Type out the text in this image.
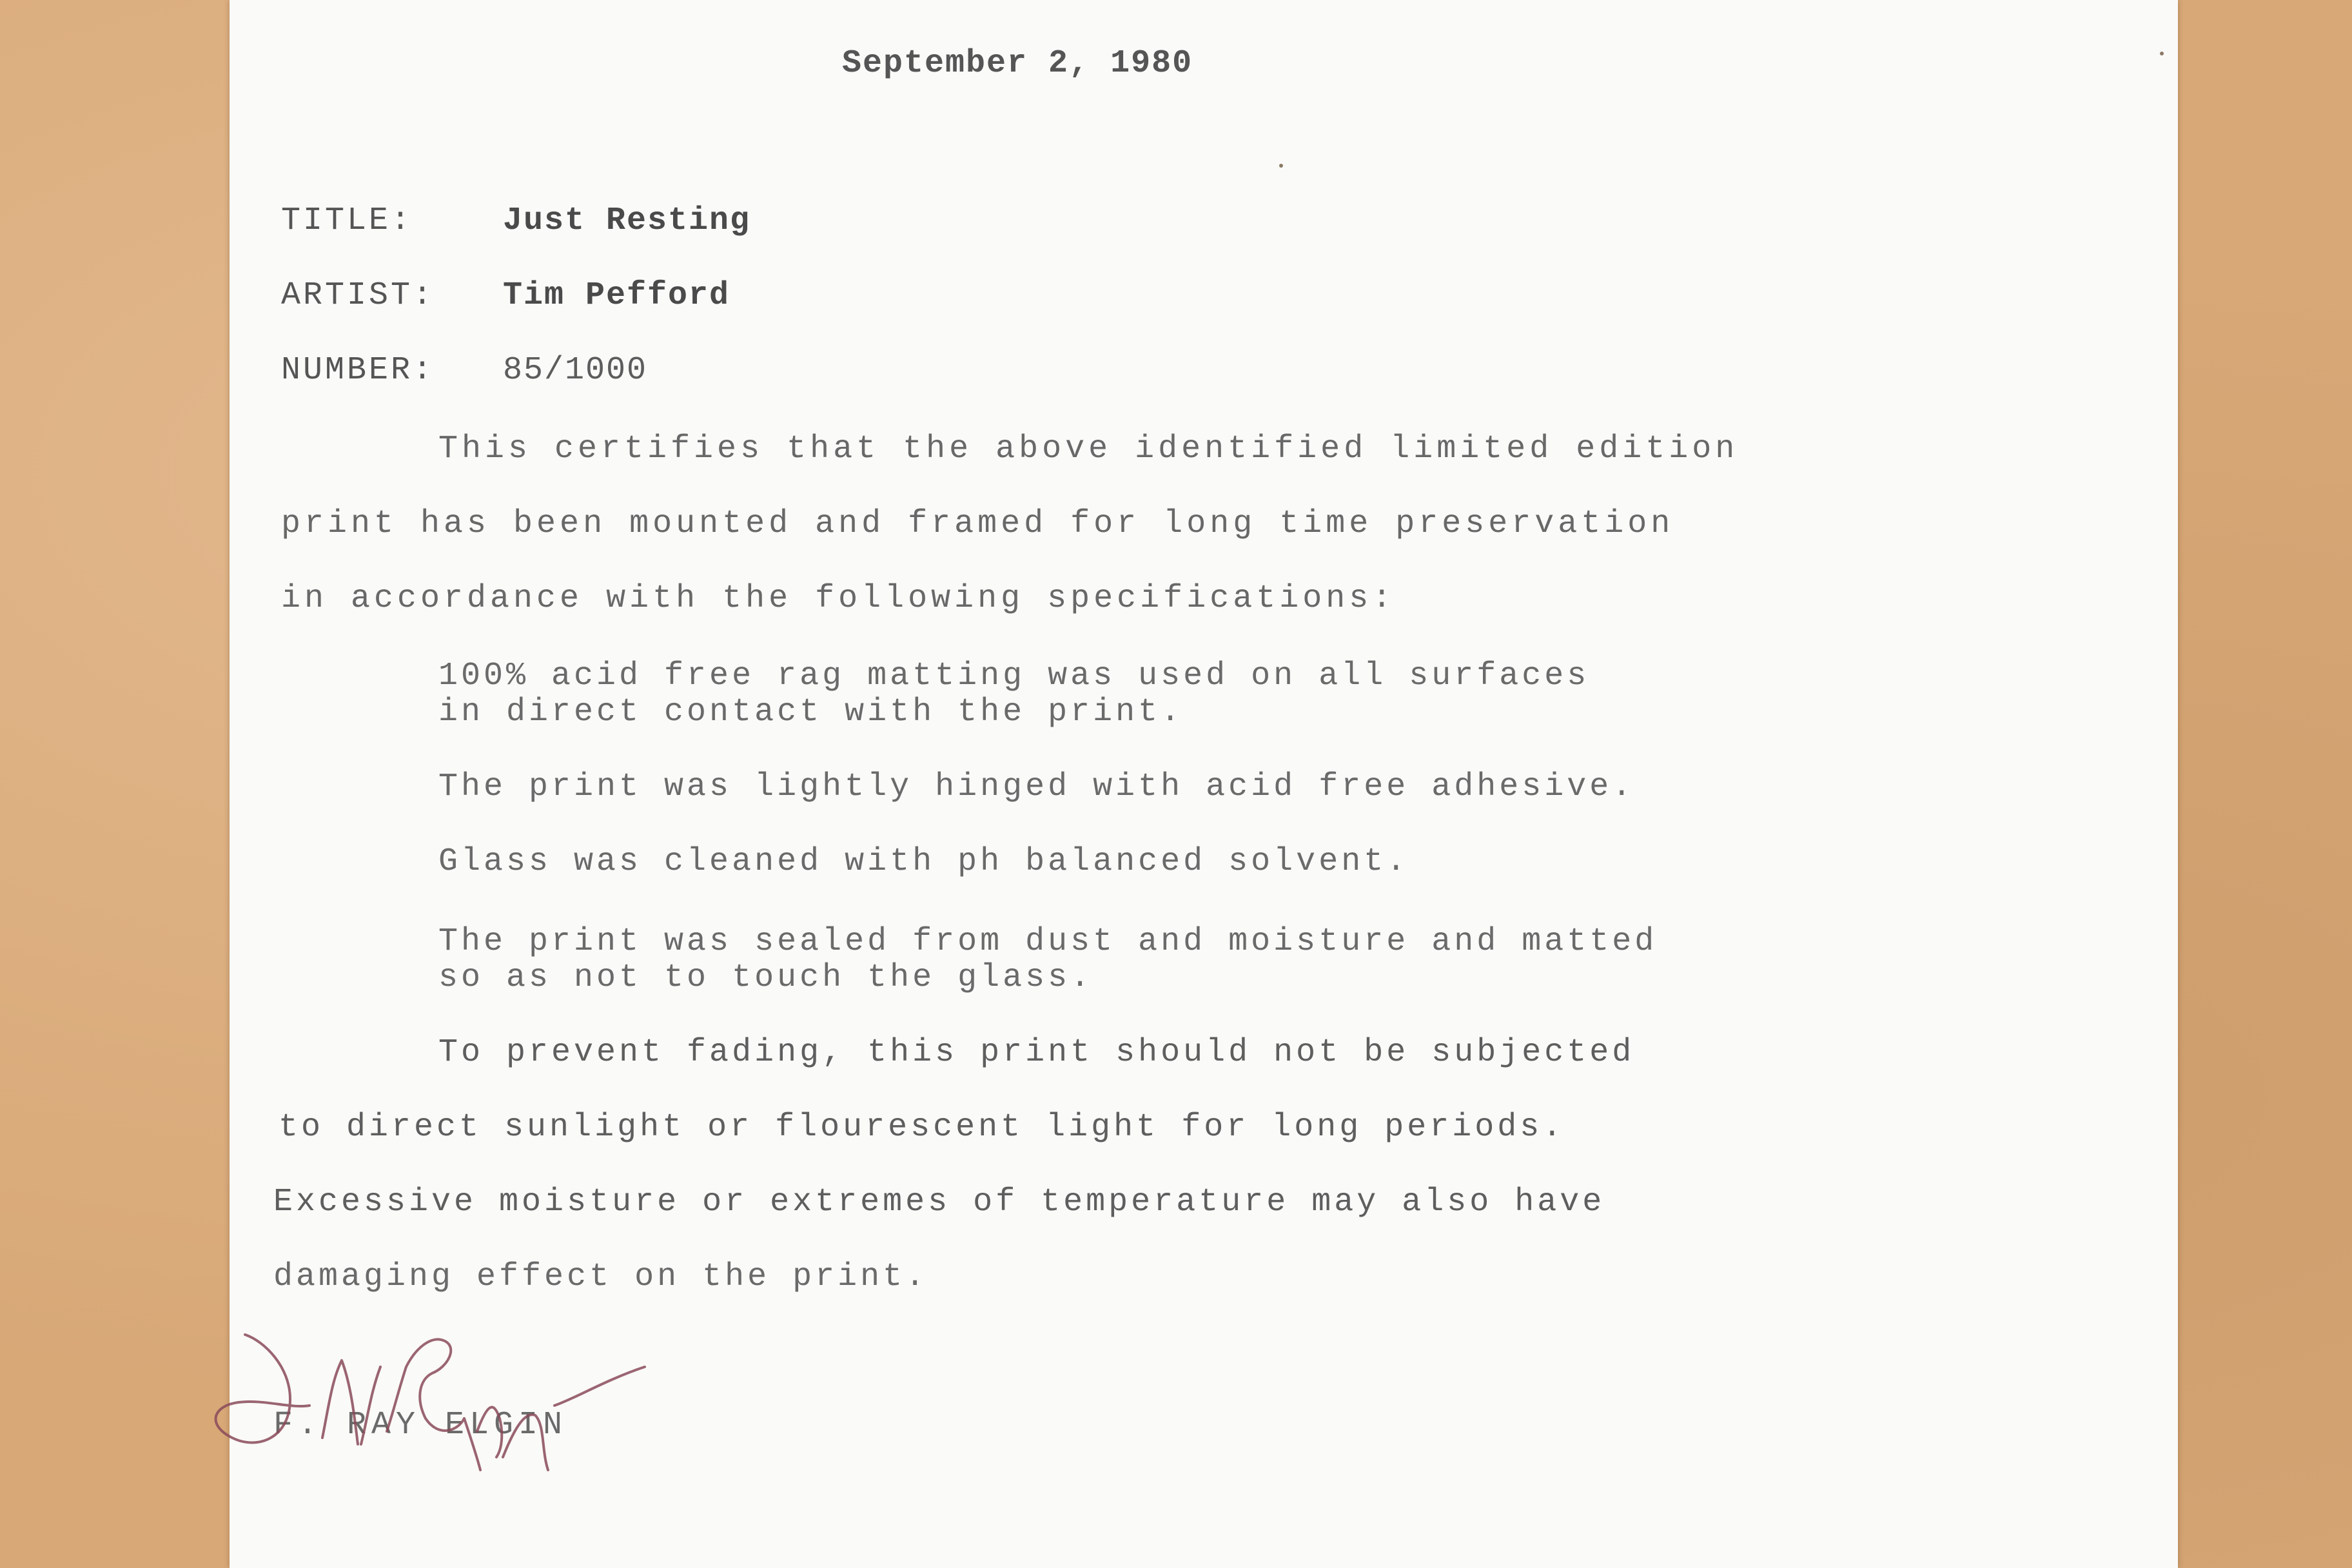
September 2, 1980
TITLE:	Just Resting
ARTIST: Tim Pefford
NUMBER: 85/1000
This certifies that the above identified limited edition
print has been mounted and framed for long time preservation
in accordance with the following specifications:
100% acid free rag matting was used on all surfaces
in direct contact with the print.
The print was lightly hinged with acid free adhesive.
Glass was cleaned with ph balanced solvent.
The print was sealed from dust and moisture and matted
so as not to touch the glass.
To prevent fading, this print should not be subjected
to direct sunlight or flourescent light for long periods.
Excessive moisture or extremes of temperature may also have
damaging effect on the print.
F. RAY ELGIN
